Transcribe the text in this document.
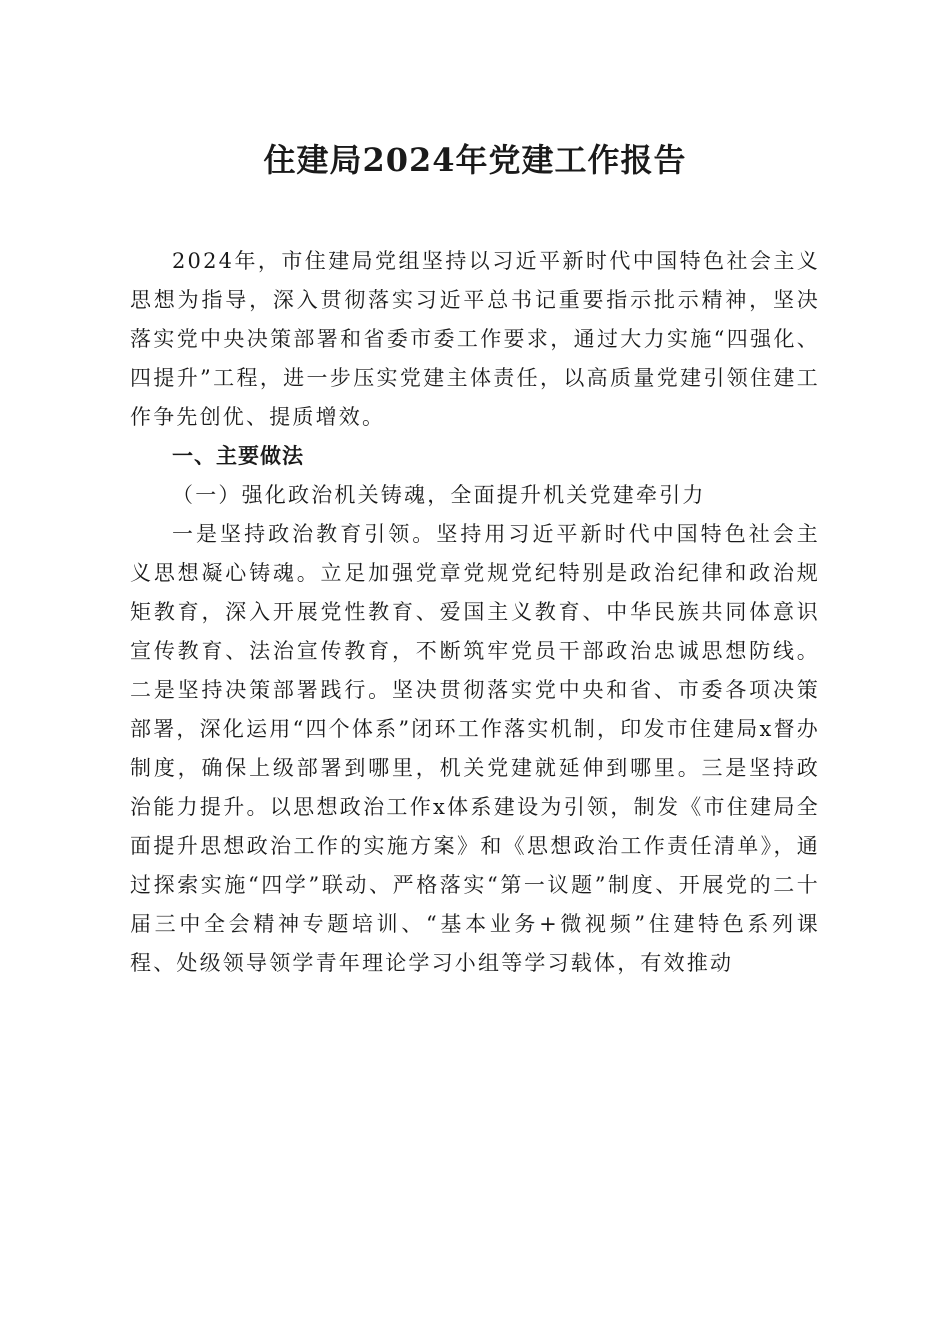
住建局2024年党建工作报告

2024年，市住建局党组坚持以习近平新时代中国特色社会主义思想为指导，深入贯彻落实习近平总书记重要指示批示精神，坚决落实党中央决策部署和省委市委工作要求，通过大力实施“四强化、四提升”工程，进一步压实党建主体责任，以高质量党建引领住建工作争先创优、提质增效。

一、主要做法

（一）强化政治机关铸魂，全面提升机关党建牵引力

一是坚持政治教育引领。坚持用习近平新时代中国特色社会主义思想凝心铸魂。立足加强党章党规党纪特别是政治纪律和政治规矩教育，深入开展党性教育、爱国主义教育、中华民族共同体意识宣传教育、法治宣传教育，不断筑牢党员干部政治忠诚思想防线。二是坚持决策部署践行。坚决贯彻落实党中央和省、市委各项决策部署，深化运用“四个体系”闭环工作落实机制，印发市住建局x督办制度，确保上级部署到哪里，机关党建就延伸到哪里。三是坚持政治能力提升。以思想政治工作x体系建设为引领，制发《市住建局全面提升思想政治工作的实施方案》和《思想政治工作责任清单》，通过探索实施“四学”联动、严格落实“第一议题”制度、开展党的二十届三中全会精神专题培训、“基本业务+微视频”住建特色系列课程、处级领导领学青年理论学习小组等学习载体，有效推动
